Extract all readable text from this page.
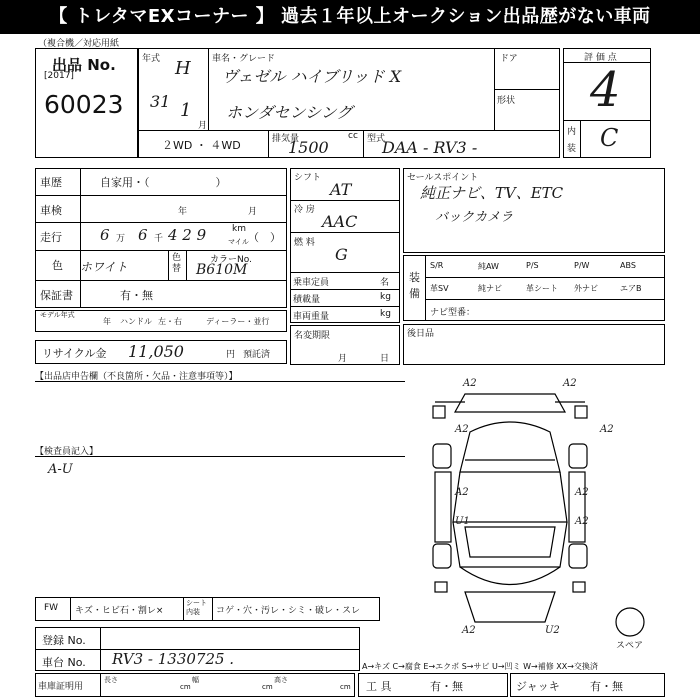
【 トレタマEXコーナー 】 過去１年以上オークション出品歴がない車両
（複合機／対応用紙
出品 No.
[2017]
60023
年式 H
31 1
月
車名・グレード
ヴェゼル ハイブリッド X
ホンダセンシング
ドア
形状
２WD ・ ４WD	排気量
1500
cc 型式
DAA - RV3 -
評 価 点
4
内
装 C
車歴	自家用・（　　　　　　）
車検	年	月
走行	6 万 6 千 4 2 9	km
マイル （　）
色 ホワイト
色
替
カラーNo.
B610M
保証書	有・無
モデル年式
年 ハンドル 左・右	ディーラー・並行
リサイクル金 11,050	円 預託済
シフト
AT
冷 房
AAC
燃 料
G
乗車定員	名
積載量	kg
車両重量	kg
名変期限
月	日
セールスポイント
純正ナビ、TV、ETC
バックカメラ
装
備
S/R	純AW	P/S	P/W	ABS
革SV	純ナビ	革シート 外ナビ	エアB
ナビ型番：
後日品
【出品店申告欄（不良箇所・欠品・注意事項等）】
【検査員記入】
A-U
A2	A2
A2
A2	A2
A2
A2
U1
A2	U2
スペア
FW キズ・ヒビ石・割レ×
シート内装	コゲ・穴・汚レ・シミ・破レ・スレ
登録 No.
車台 No. RV3 - 1330725 .	A→キズ C→腐食 E→エクボ S→サビ U→凹ミ W→補修 XX→交換済
車庫証明用
長さ
cm
幅
cm
高さ
cm 工 具	有・無	ジャッキ	有・無
